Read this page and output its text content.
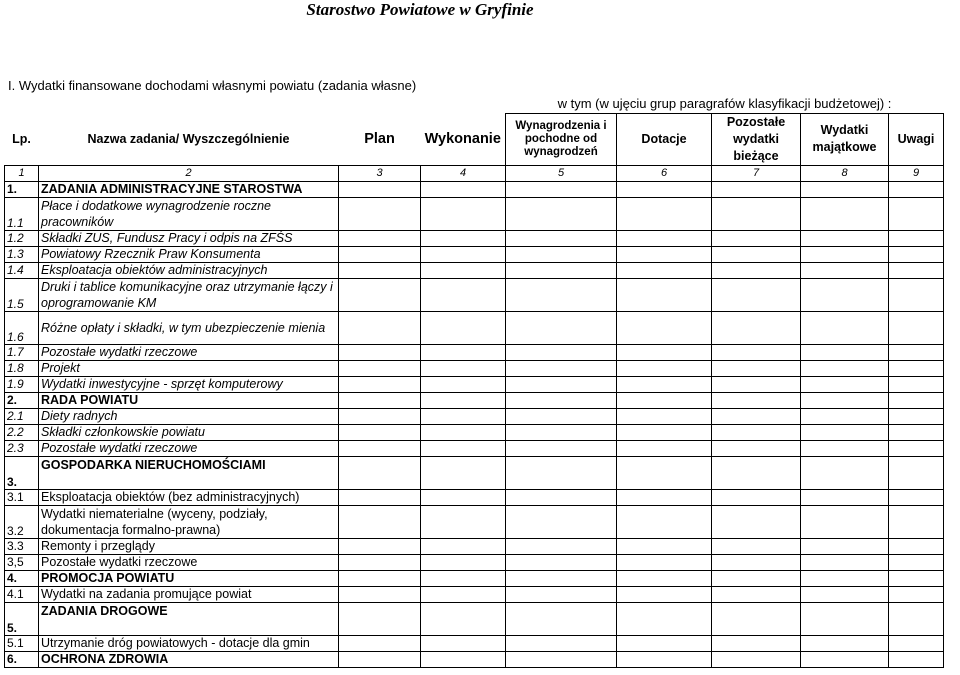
Starostwo Powiatowe w Gryfinie
I. Wydatki finansowane dochodami własnymi powiatu (zadania własne)
				w tym (w ujęciu grup paragrafów klasyfikacji budżetowej) :				
Lp.	Nazwa zadania/ Wyszczególnienie	Plan	Wykonanie	Wynagrodzenia i pochodne od wynagrodzeń	Dotacje	Pozostałe wydatki bieżące	Wydatki majątkowe	Uwagi
1	2	3	4	5	6	7	8	9
1.	ZADANIA ADMINISTRACYJNE STAROSTWA							
1.1	Płace i dodatkowe wynagrodzenie roczne pracowników							
1.2	Składki ZUS, Fundusz Pracy i odpis na ZFŚS							
1.3	Powiatowy Rzecznik Praw Konsumenta							
1.4	Eksploatacja obiektów administracyjnych							
1.5	Druki i tablice komunikacyjne oraz utrzymanie łączy i oprogramowanie KM							
1.6	Różne opłaty i składki, w tym ubezpieczenie mienia							
1.7	Pozostałe wydatki rzeczowe							
1.8	Projekt							
1.9	Wydatki inwestycyjne - sprzęt komputerowy							
2.	RADA POWIATU							
2.1	Diety radnych							
2.2	Składki członkowskie powiatu							
2.3	Pozostałe wydatki rzeczowe							
3.	GOSPODARKA NIERUCHOMOŚCIAMI							
3.1	Eksploatacja obiektów (bez administracyjnych)							
3.2	Wydatki niematerialne (wyceny, podziały, dokumentacja formalno-prawna)							
3.3	Remonty i przeglądy							
3,5	Pozostałe wydatki rzeczowe							
4.	PROMOCJA POWIATU							
4.1	Wydatki na zadania promujące powiat							
5.	ZADANIA DROGOWE							
5.1	Utrzymanie dróg powiatowych - dotacje dla gmin							
6.	OCHRONA ZDROWIA							
